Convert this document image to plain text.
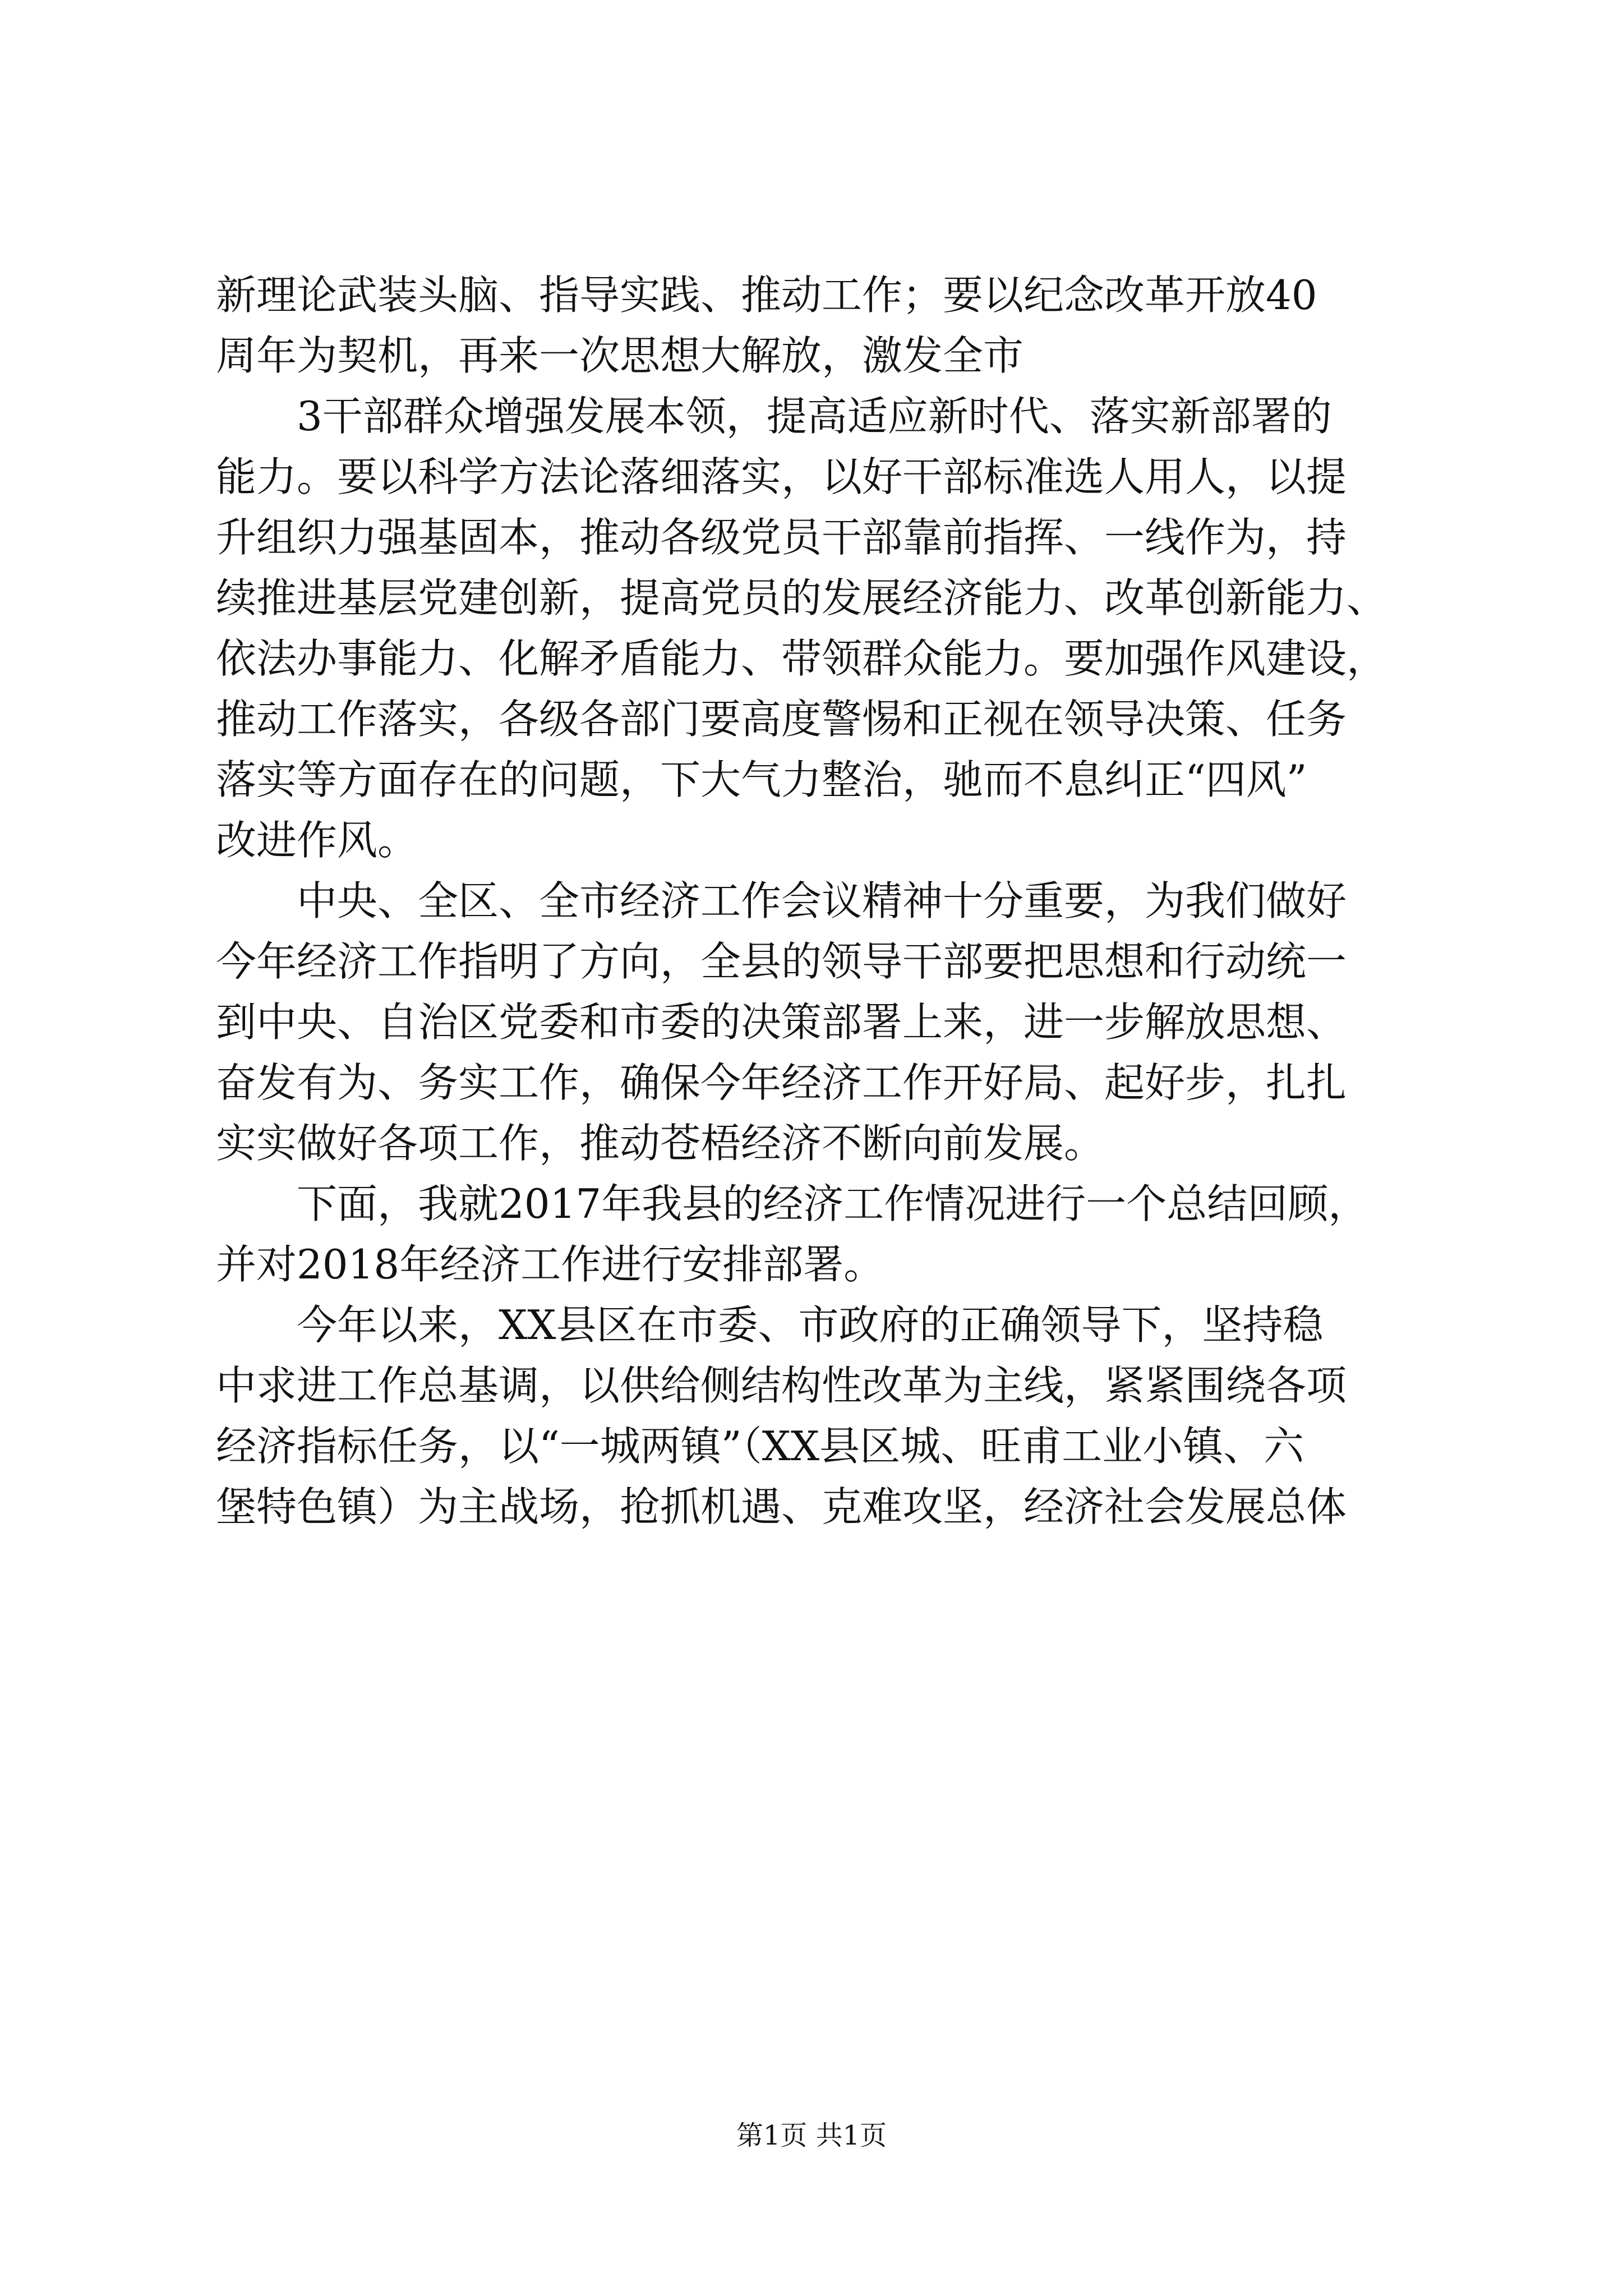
新理论武装头脑、指导实践、推动工作；要以纪念改革开放40
周年为契机，再来一次思想大解放，激发全市
3干部群众增强发展本领，提高适应新时代、落实新部署的
能力。要以科学方法论落细落实，以好干部标准选人用人，以提
升组织力强基固本，推动各级党员干部靠前指挥、一线作为，持
续推进基层党建创新，提高党员的发展经济能力、改革创新能力、
依法办事能力、化解矛盾能力、带领群众能力。要加强作风建设，
推动工作落实，各级各部门要高度警惕和正视在领导决策、任务
落实等方面存在的问题，下大气力整治，驰而不息纠正“四风”
改进作风。
中央、全区、全市经济工作会议精神十分重要，为我们做好
今年经济工作指明了方向，全县的领导干部要把思想和行动统一
到中央、自治区党委和市委的决策部署上来，进一步解放思想、
奋发有为、务实工作，确保今年经济工作开好局、起好步，扎扎
实实做好各项工作，推动苍梧经济不断向前发展。
下面，我就2017年我县的经济工作情况进行一个总结回顾，
并对2018年经济工作进行安排部署。
今年以来，XX县区在市委、市政府的正确领导下，坚持稳
中求进工作总基调，以供给侧结构性改革为主线，紧紧围绕各项
经济指标任务，以“一城两镇”（XX县区城、旺甫工业小镇、六
堡特色镇）为主战场，抢抓机遇、克难攻坚，经济社会发展总体
第1页 共1页
